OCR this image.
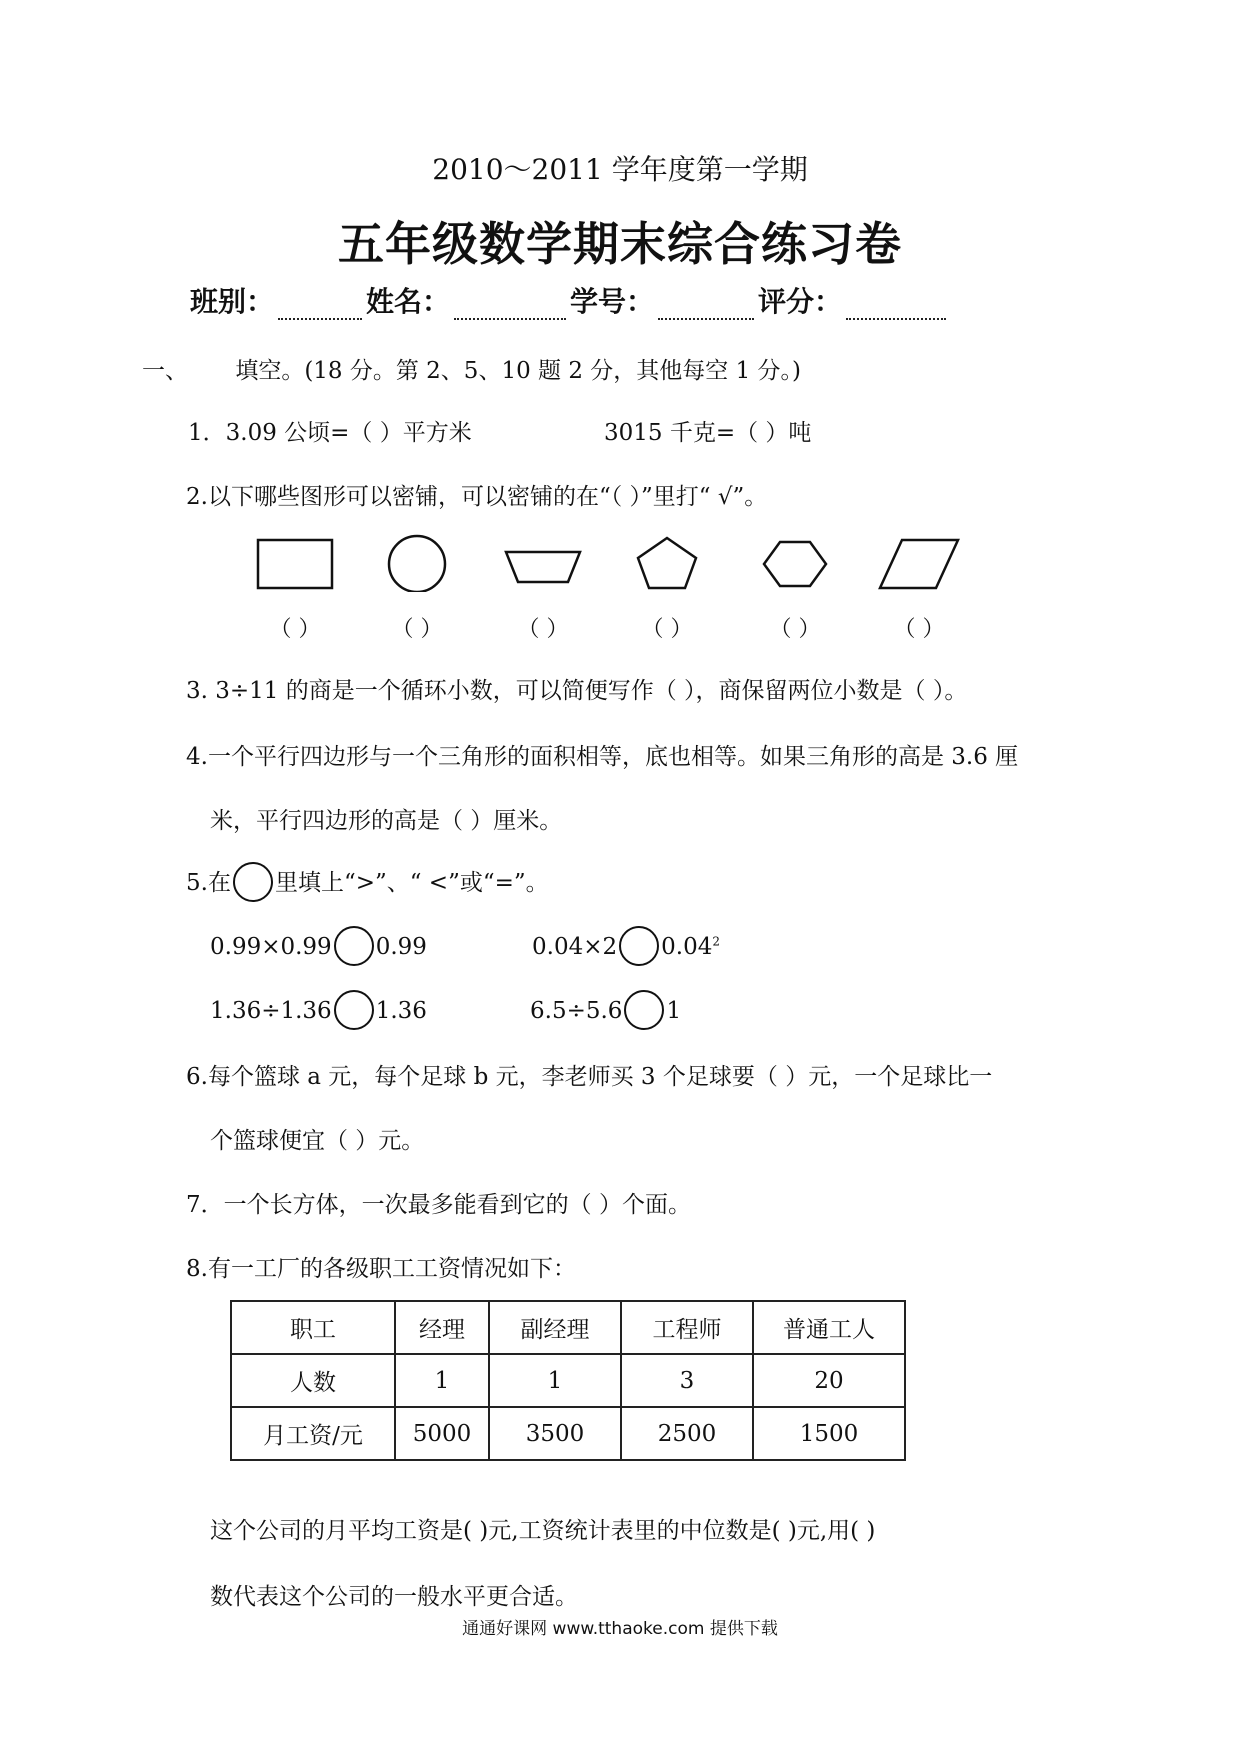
2010～2011 学年度第一学期
五年级数学期末综合练习卷
班别：	姓名：	学号：	评分：
一、 填空。(18 分。第 2、5、10 题 2 分，其他每空 1 分。)
1．3.09 公顷=（ ）平方米	3015 千克=（ ）吨
2.以下哪些图形可以密铺，可以密铺的在“（ ）”里打“ √”。
（ ）	（ ）	（ ）	（ ）	（ ）	（ ）
3. 3÷11 的商是一个循环小数，可以简便写作（ ），商保留两位小数是（ ）。
4.一个平行四边形与一个三角形的面积相等，底也相等。如果三角形的高是 3.6 厘
米，平行四边形的高是（ ）厘米。
5.在 里填上“>”、“ <”或“=”。
0.99×0.99 0.99	0.04×2 0.04$^2$
1.36÷1.36 1.36	6.5÷5.6 1
6.每个篮球 a 元，每个足球 b 元，李老师买 3 个足球要（ ）元，一个足球比一
个篮球便宜（ ）元。
7．一个长方体，一次最多能看到它的（ ）个面。
8.有一工厂的各级职工工资情况如下：
职工	经理	副经理	工程师	普通工人
人数	1	1	3	20
月工资/元	5000	3500	2500	1500
这个公司的月平均工资是( )元,工资统计表里的中位数是( )元,用( )
数代表这个公司的一般水平更合适。
通通好课网 www.tthaoke.com 提供下载
